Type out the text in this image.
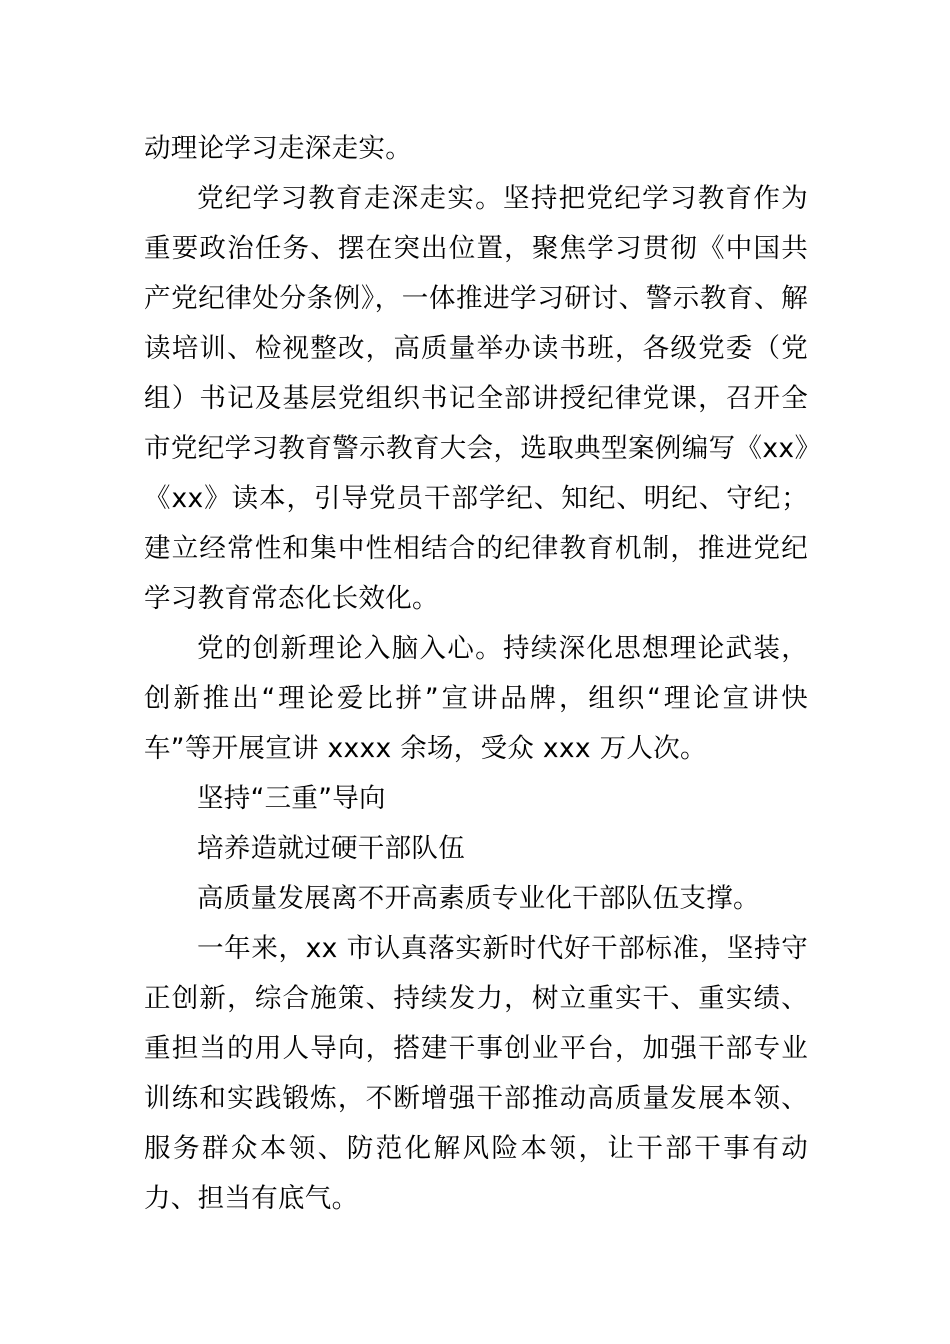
动理论学习走深走实。

党纪学习教育走深走实。坚持把党纪学习教育作为重要政治任务、摆在突出位置，聚焦学习贯彻《中国共产党纪律处分条例》，一体推进学习研讨、警示教育、解读培训、检视整改，高质量举办读书班，各级党委（党组）书记及基层党组织书记全部讲授纪律党课，召开全市党纪学习教育警示教育大会，选取典型案例编写《xx》《xx》读本，引导党员干部学纪、知纪、明纪、守纪；建立经常性和集中性相结合的纪律教育机制，推进党纪学习教育常态化长效化。

党的创新理论入脑入心。持续深化思想理论武装，创新推出“理论爱比拼”宣讲品牌，组织“理论宣讲快车”等开展宣讲 xxxx 余场，受众 xxx 万人次。

坚持“三重”导向

培养造就过硬干部队伍

高质量发展离不开高素质专业化干部队伍支撑。

一年来，xx 市认真落实新时代好干部标准，坚持守正创新，综合施策、持续发力，树立重实干、重实绩、重担当的用人导向，搭建干事创业平台，加强干部专业训练和实践锻炼，不断增强干部推动高质量发展本领、服务群众本领、防范化解风险本领，让干部干事有动力、担当有底气。
